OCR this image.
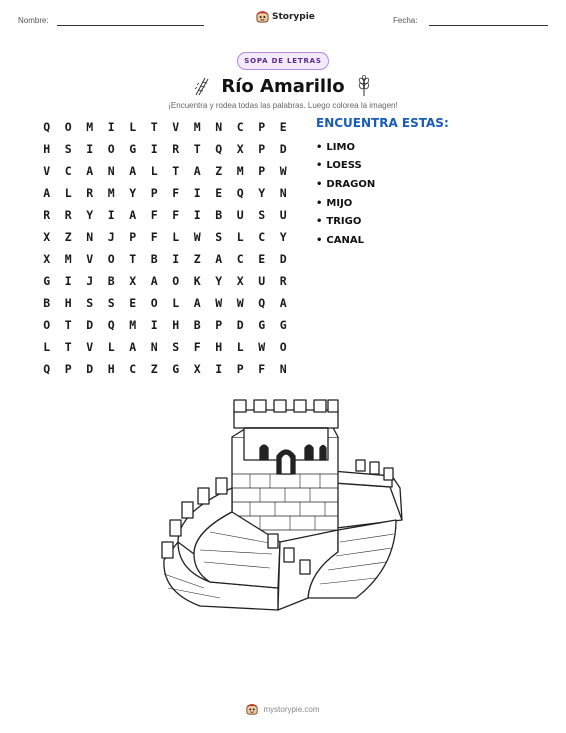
Nombre:	Storypie	Fecha:
SOPA DE LETRAS
Río Amarillo
¡Encuentra y rodea todas las palabras. Luego colorea la imagen!
Q	O	M	I	L	T	V	M	N	C	P	E
H	S	I	O	G	I	R	T	Q	X	P	D
V	C	A	N	A	L	T	A	Z	M	P	W
A	L	R	M	Y	P	F	I	E	Q	Y	N
R	R	Y	I	A	F	F	I	B	U	S	U
X	Z	N	J	P	F	L	W	S	L	C	Y
X	M	V	O	T	B	I	Z	A	C	E	D
G	I	J	B	X	A	O	K	Y	X	U	R
B	H	S	S	E	O	L	A	W	W	Q	A
O	T	D	Q	M	I	H	B	P	D	G	G
L	T	V	L	A	N	S	F	H	L	W	O
Q	P	D	H	C	Z	G	X	I	P	F	N
ENCUENTRA ESTAS:
• LIMO
• LOESS
• DRAGON
• MIJO
• TRIGO
• CANAL
mystorypie.com
